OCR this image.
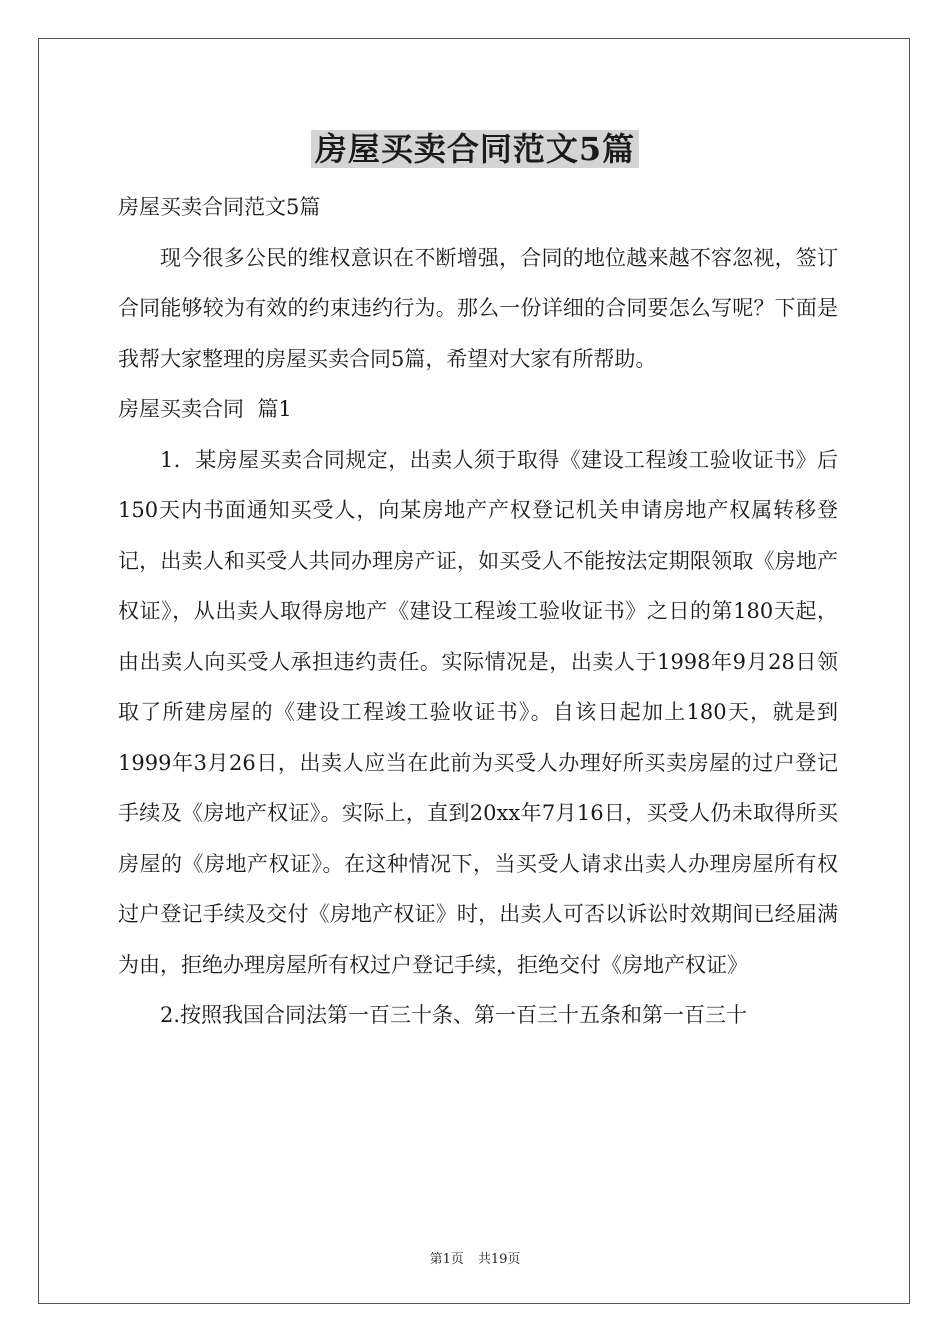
房屋买卖合同范文5篇

房屋买卖合同范文5篇

现今很多公民的维权意识在不断增强，合同的地位越来越不容忽视，签订合同能够较为有效的约束违约行为。那么一份详细的合同要怎么写呢？下面是我帮大家整理的房屋买卖合同5篇，希望对大家有所帮助。

房屋买卖合同  篇1

1．某房屋买卖合同规定，出卖人须于取得《建设工程竣工验收证书》后150天内书面通知买受人，向某房地产产权登记机关申请房地产权属转移登记，出卖人和买受人共同办理房产证，如买受人不能按法定期限领取《房地产权证》，从出卖人取得房地产《建设工程竣工验收证书》之日的第180天起，由出卖人向买受人承担违约责任。实际情况是，出卖人于1998年9月28日领取了所建房屋的《建设工程竣工验收证书》。自该日起加上180天，就是到1999年3月26日，出卖人应当在此前为买受人办理好所买卖房屋的过户登记手续及《房地产权证》。实际上，直到20xx年7月16日，买受人仍未取得所买房屋的《房地产权证》。在这种情况下，当买受人请求出卖人办理房屋所有权过户登记手续及交付《房地产权证》时，出卖人可否以诉讼时效期间已经届满为由，拒绝办理房屋所有权过户登记手续，拒绝交付《房地产权证》

2.按照我国合同法第一百三十条、第一百三十五条和第一百三十

第1页 共19页
